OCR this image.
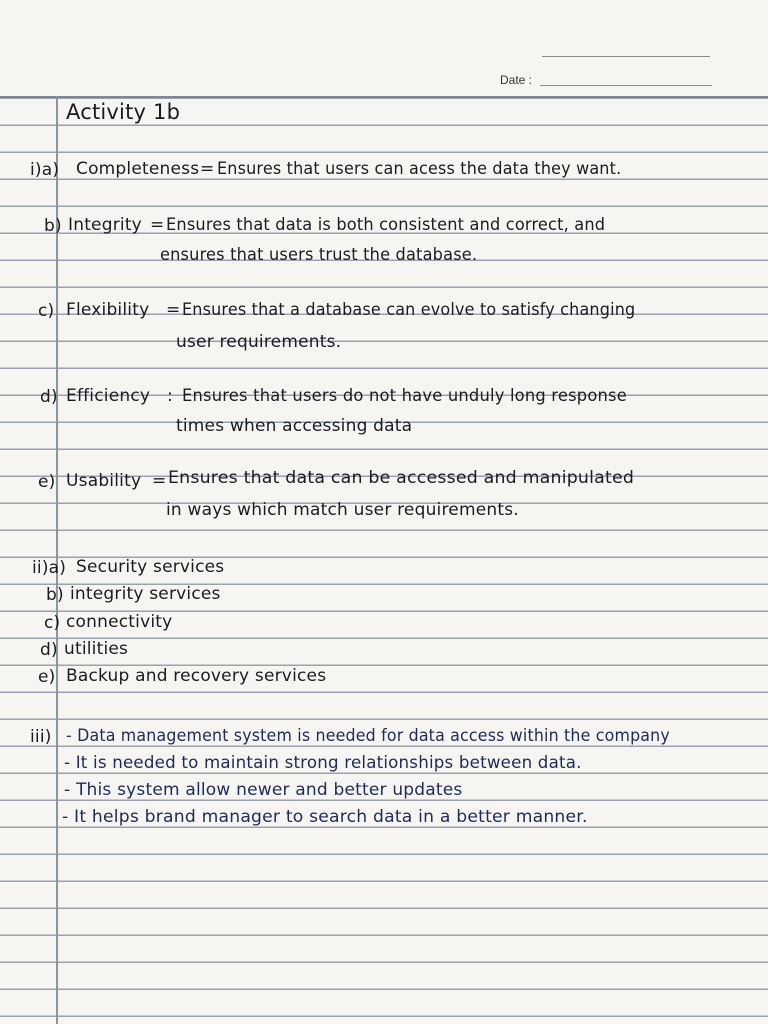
Date :
Activity 1b
i)a) Completeness = Ensures that users can acess the data they want.
b) Integrity = Ensures that data is both consistent and correct, and
ensures that users trust the database.
c) Flexibility = Ensures that a database can evolve to satisfy changing
user requirements.
d) Efficiency : Ensures that users do not have unduly long response
times when accessing data
e) Usability = Ensures that data can be accessed and manipulated
in ways which match user requirements.
ii)a) Security services
b) integrity services
c) connectivity
d) utilities
e) Backup and recovery services
iii) - Data management system is needed for data access within the company
- It is needed to maintain strong relationships between data.
- This system allow newer and better updates
- It helps brand manager to search data in a better manner.
